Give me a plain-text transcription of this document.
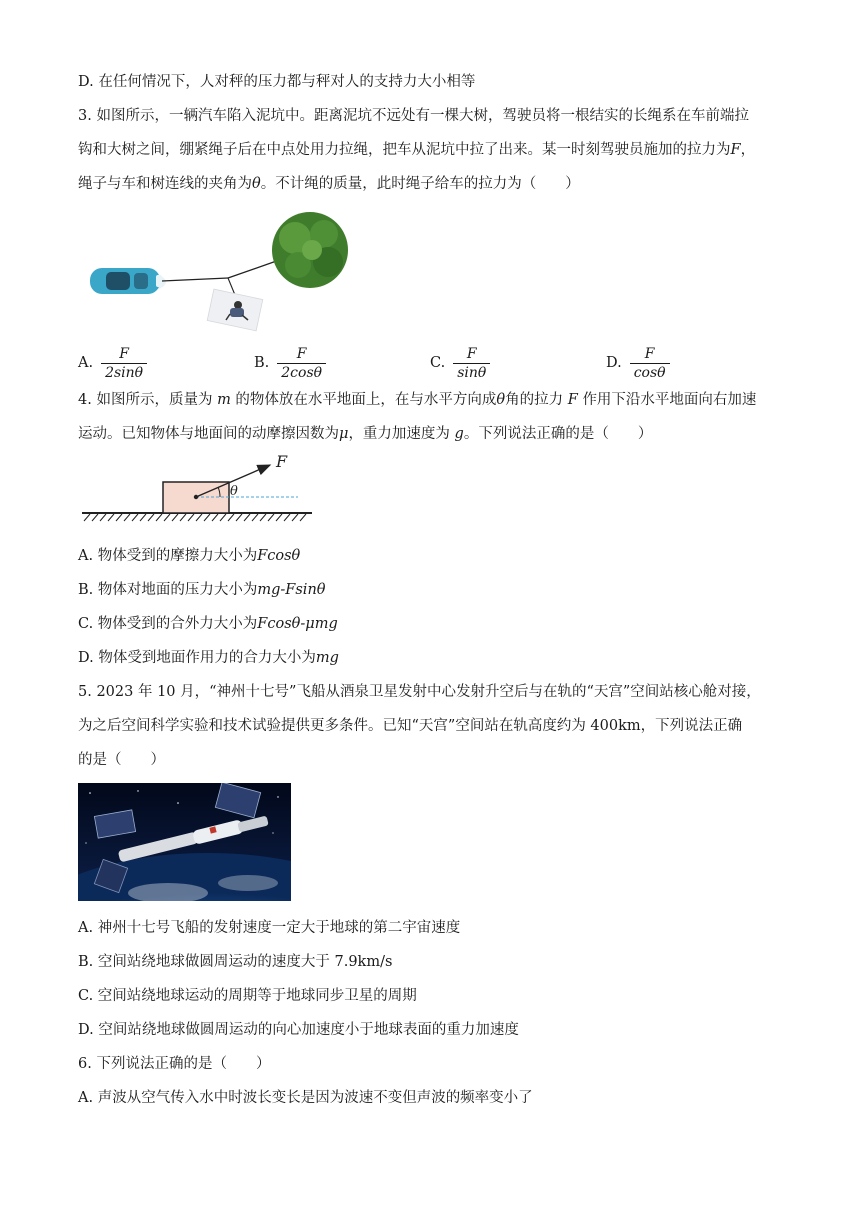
D. 在任何情况下，人对秤的压力都与秤对人的支持力大小相等
3. 如图所示，一辆汽车陷入泥坑中。距离泥坑不远处有一棵大树，驾驶员将一根结实的长绳系在车前端拉
钩和大树之间，绷紧绳子后在中点处用力拉绳，把车从泥坑中拉了出来。某一时刻驾驶员施加的拉力为F，
绳子与车和树连线的夹角为θ。不计绳的质量，此时绳子给车的拉力为（　　）
A. $\frac{F}{2\sin\theta}$	B. $\frac{F}{2\cos\theta}$	C. $\frac{F}{\sin\theta}$	D. $\frac{F}{\cos\theta}$
4. 如图所示，质量为 m 的物体放在水平地面上，在与水平方向成θ角的拉力 F 作用下沿水平地面向右加速
运动。已知物体与地面间的动摩擦因数为μ，重力加速度为 g。下列说法正确的是（　　）
F
θ
A. 物体受到的摩擦力大小为Fcosθ
B. 物体对地面的压力大小为mg-Fsinθ
C. 物体受到的合外力大小为Fcosθ-μmg
D. 物体受到地面作用力的合力大小为mg
5. 2023 年 10 月，“神州十七号”飞船从酒泉卫星发射中心发射升空后与在轨的“天宫”空间站核心舱对接，
为之后空间科学实验和技术试验提供更多条件。已知“天宫”空间站在轨高度约为 400km，下列说法正确
的是（　　）
A. 神州十七号飞船的发射速度一定大于地球的第二宇宙速度
B. 空间站绕地球做圆周运动的速度大于 7.9km/s
C. 空间站绕地球运动的周期等于地球同步卫星的周期
D. 空间站绕地球做圆周运动的向心加速度小于地球表面的重力加速度
6. 下列说法正确的是（　　）
A. 声波从空气传入水中时波长变长是因为波速不变但声波的频率变小了
